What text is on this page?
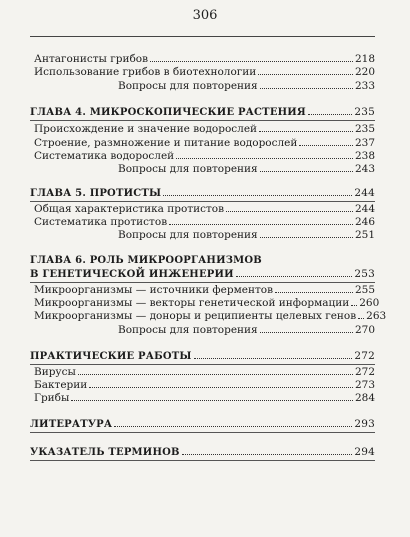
306
Антагонисты грибов	218
Использование грибов в биотехнологии	220
Вопросы для повторения	233
ГЛАВА 4. МИКРОСКОПИЧЕСКИЕ РАСТЕНИЯ	235
Происхождение и значение водорослей	235
Строение, размножение и питание водорослей	237
Систематика водорослей	238
Вопросы для повторения	243
ГЛАВА 5. ПРОТИСТЫ	244
Общая характеристика протистов	244
Систематика протистов	246
Вопросы для повторения	251
ГЛАВА 6. РОЛЬ МИКРООРГАНИЗМОВ
В ГЕНЕТИЧЕСКОЙ ИНЖЕНЕРИИ	253
Микроорганизмы — источники ферментов	255
Микроорганизмы — векторы генетической информации 260
Микроорганизмы — доноры и реципиенты целевых генов 263
Вопросы для повторения	270
ПРАКТИЧЕСКИЕ РАБОТЫ	272
Вирусы	272
Бактерии	273
Грибы	284
ЛИТЕРАТУРА	293
УКАЗАТЕЛЬ ТЕРМИНОВ	294
